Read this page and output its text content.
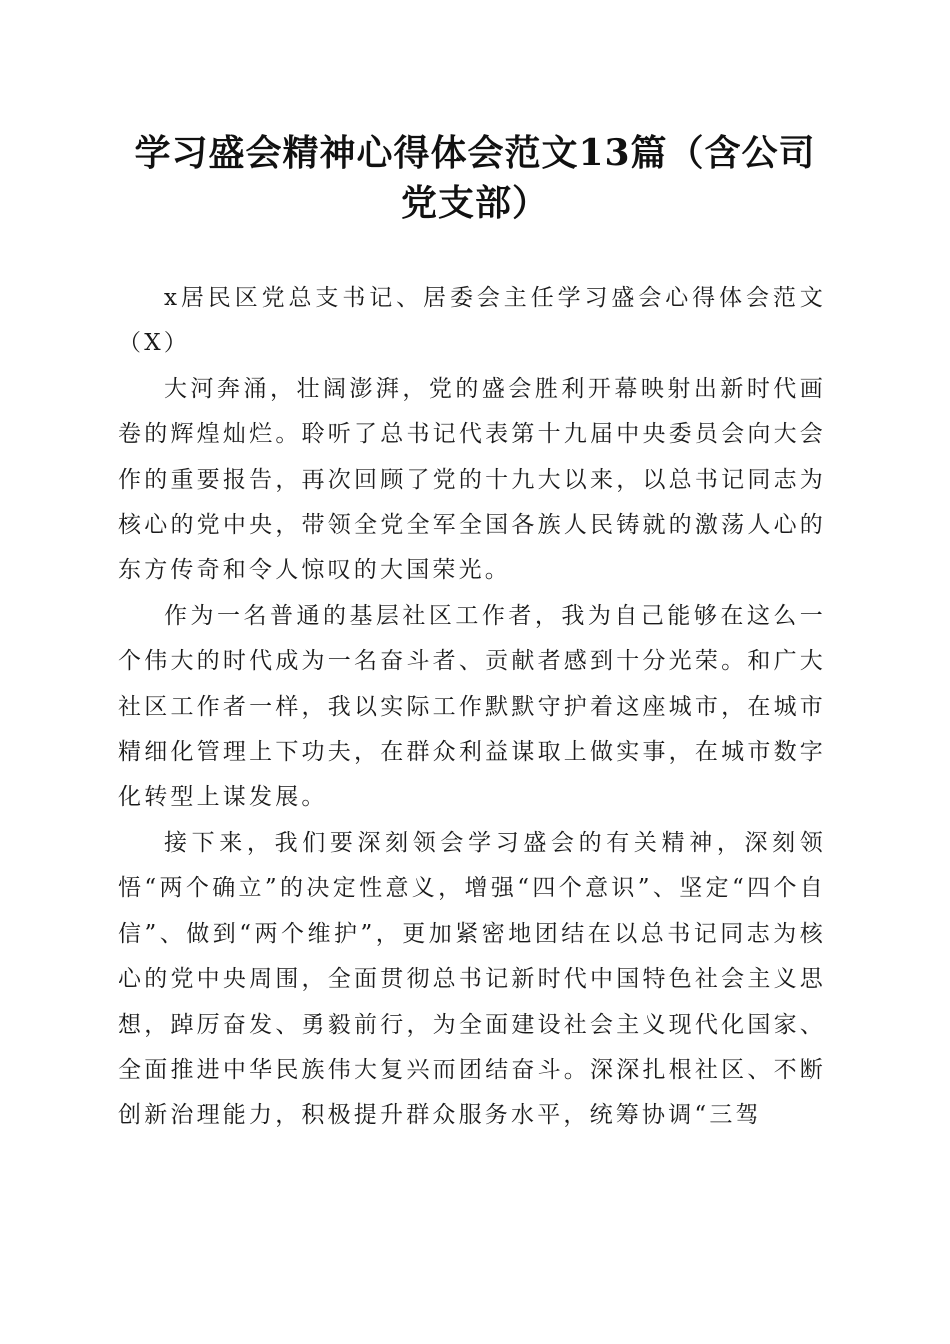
学习盛会精神心得体会范文13篇（含公司党支部）

x居民区党总支书记、居委会主任学习盛会心得体会范文（X）

大河奔涌，壮阔澎湃，党的盛会胜利开幕映射出新时代画卷的辉煌灿烂。聆听了总书记代表第十九届中央委员会向大会作的重要报告，再次回顾了党的十九大以来，以总书记同志为核心的党中央，带领全党全军全国各族人民铸就的激荡人心的东方传奇和令人惊叹的大国荣光。

作为一名普通的基层社区工作者，我为自己能够在这么一个伟大的时代成为一名奋斗者、贡献者感到十分光荣。和广大社区工作者一样，我以实际工作默默守护着这座城市，在城市精细化管理上下功夫，在群众利益谋取上做实事，在城市数字化转型上谋发展。

接下来，我们要深刻领会学习盛会的有关精神，深刻领悟“两个确立”的决定性意义，增强“四个意识”、坚定“四个自信”、做到“两个维护”，更加紧密地团结在以总书记同志为核心的党中央周围，全面贯彻总书记新时代中国特色社会主义思想，踔厉奋发、勇毅前行，为全面建设社会主义现代化国家、全面推进中华民族伟大复兴而团结奋斗。深深扎根社区、不断创新治理能力，积极提升群众服务水平，统筹协调“三驾
